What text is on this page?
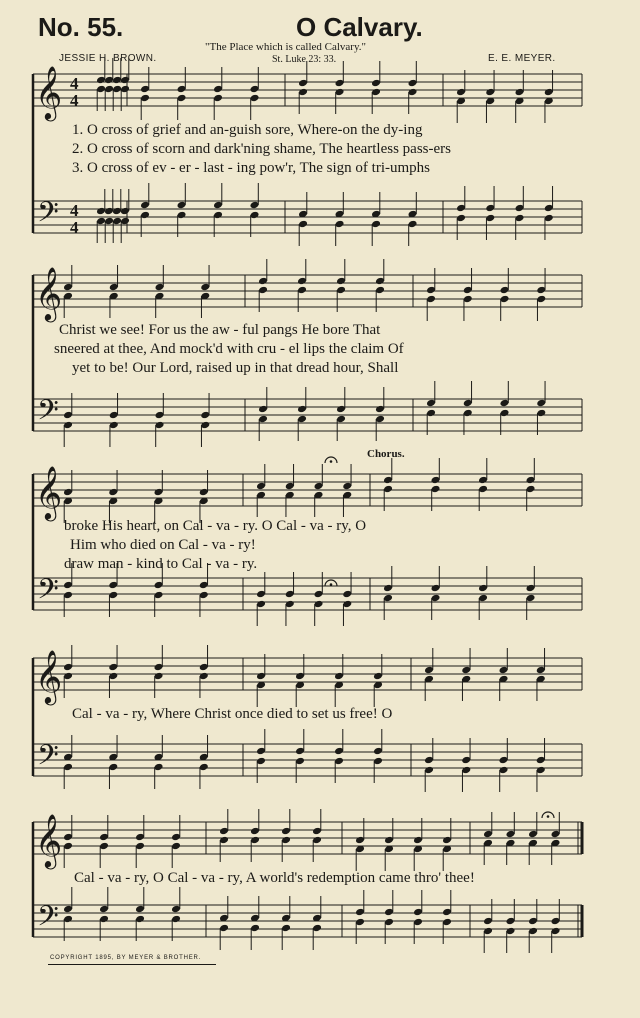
No. 55.	O Calvary.
"The Place which is called Calvary."
St. Luke 23: 33.
JESSIE H. BROWN.	E. E. MEYER.
𝄞
𝄢
4
4
4
4
𝄞
𝄢
𝄞
𝄢
𝄞
𝄢
𝄞
𝄢
1. O cross of grief and an-guish sore, Where-on the dy-ing
2. O cross of scorn and dark'ning shame, The heartless pass-ers
3. O cross of ev - er - last - ing pow'r, The sign of tri-umphs
Christ we see! For us the aw - ful pangs He bore That
sneered at thee, And mock'd with cru - el lips the claim Of
yet to be! Our Lord, raised up in that dread hour, Shall
Chorus.
broke His heart, on Cal - va - ry. O Cal - va - ry, O
Him who died on Cal - va - ry!
draw man - kind to Cal - va - ry.
Cal - va - ry, Where Christ once died to set us free! O
Cal - va - ry, O Cal - va - ry, A world's redemption came thro' thee!
COPYRIGHT 1895, BY MEYER & BROTHER.
